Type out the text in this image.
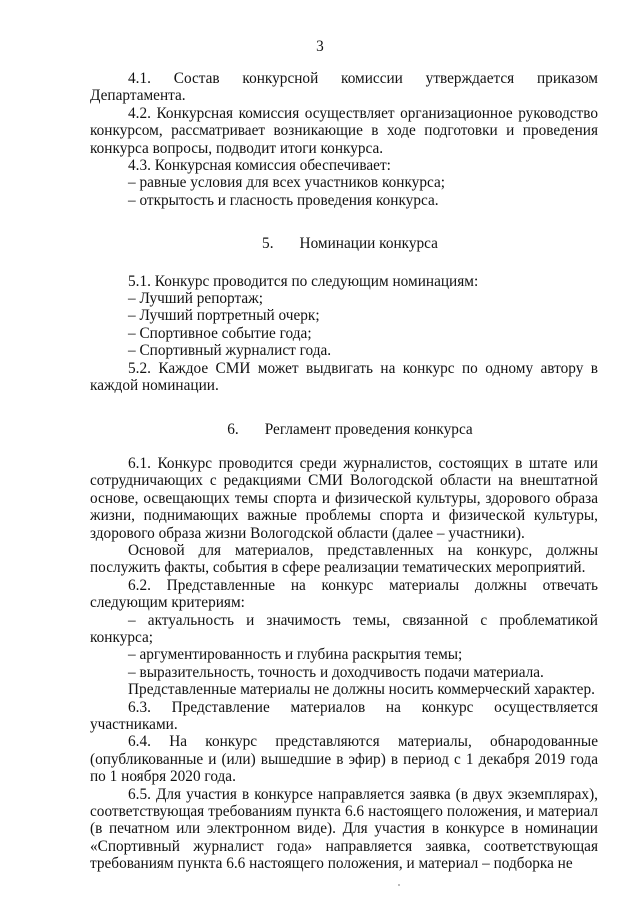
3

4.1. Состав конкурсной комиссии утверждается приказом Департамента.

4.2. Конкурсная комиссия осуществляет организационное руководство конкурсом, рассматривает возникающие в ходе подготовки и проведения конкурса вопросы, подводит итоги конкурса.

4.3. Конкурсная комиссия обеспечивает:

– равные условия для всех участников конкурса;

– открытость и гласность проведения конкурса.

5. Номинации конкурса

5.1. Конкурс проводится по следующим номинациям:

– Лучший репортаж;

– Лучший портретный очерк;

– Спортивное событие года;

– Спортивный журналист года.

5.2. Каждое СМИ может выдвигать на конкурс по одному автору в каждой номинации.

6. Регламент проведения конкурса

6.1. Конкурс проводится среди журналистов, состоящих в штате или сотрудничающих с редакциями СМИ Вологодской области на внештатной основе, освещающих темы спорта и физической культуры, здорового образа жизни, поднимающих важные проблемы спорта и физической культуры, здорового образа жизни Вологодской области (далее – участники).

Основой для материалов, представленных на конкурс, должны послужить факты, события в сфере реализации тематических мероприятий.

6.2. Представленные на конкурс материалы должны отвечать следующим критериям:

– актуальность и значимость темы, связанной с проблематикой конкурса;

– аргументированность и глубина раскрытия темы;

– выразительность, точность и доходчивость подачи материала.

Представленные материалы не должны носить коммерческий характер.

6.3. Представление материалов на конкурс осуществляется участниками.

6.4. На конкурс представляются материалы, обнародованные (опубликованные и (или) вышедшие в эфир) в период с 1 декабря 2019 года по 1 ноября 2020 года.

6.5. Для участия в конкурсе направляется заявка (в двух экземплярах), соответствующая требованиям пункта 6.6 настоящего положения, и материал (в печатном или электронном виде). Для участия в конкурсе в номинации «Спортивный журналист года» направляется заявка, соответствующая требованиям пункта 6.6 настоящего положения, и материал – подборка не
